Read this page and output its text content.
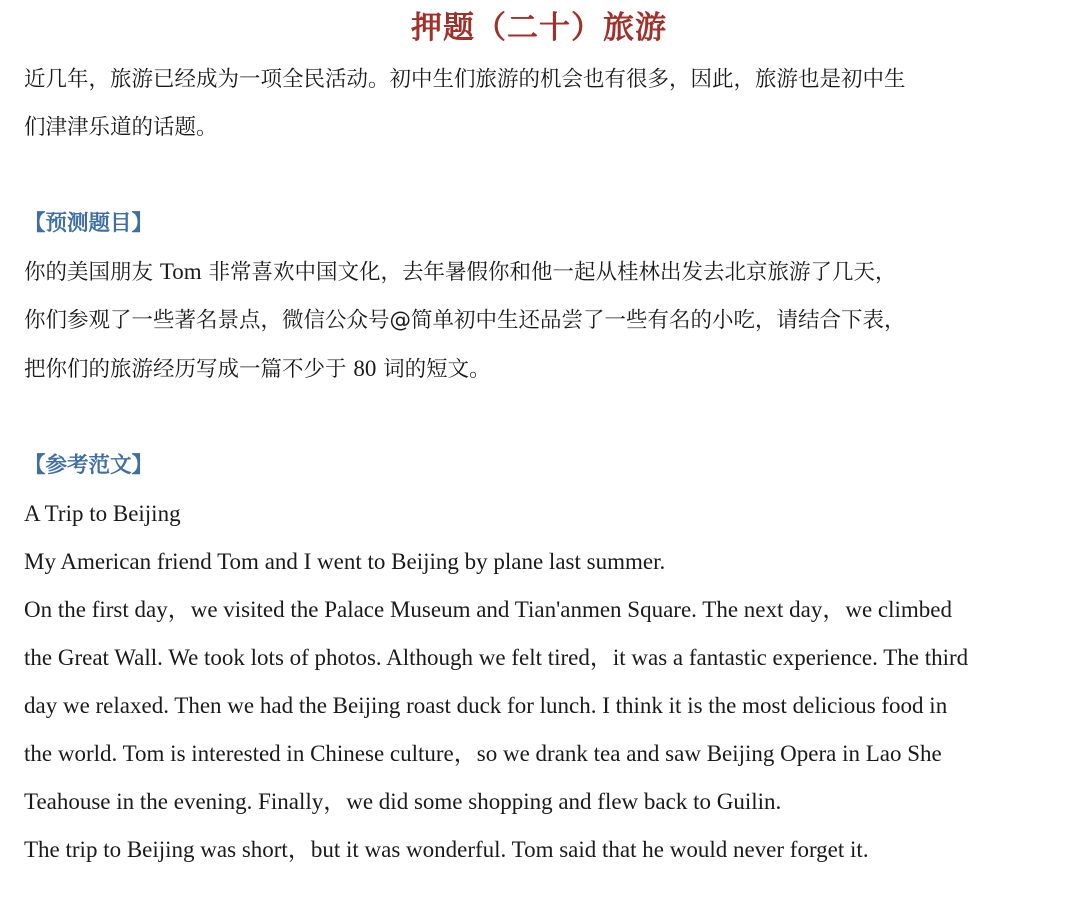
押题（二十）旅游

近几年，旅游已经成为一项全民活动。初中生们旅游的机会也有很多，因此，旅游也是初中生

们津津乐道的话题。

【预测题目】

你的美国朋友 Tom 非常喜欢中国文化，去年暑假你和他一起从桂林出发去北京旅游了几天，

你们参观了一些著名景点，微信公众号@简单初中生还品尝了一些有名的小吃，请结合下表，

把你们的旅游经历写成一篇不少于 80 词的短文。

【参考范文】

A Trip to Beijing

My American friend Tom and I went to Beijing by plane last summer.

On the first day，we visited the Palace Museum and Tian'anmen Square. The next day，we climbed

the Great Wall. We took lots of photos. Although we felt tired，it was a fantastic experience. The third

day we relaxed. Then we had the Beijing roast duck for lunch. I think it is the most delicious food in

the world. Tom is interested in Chinese culture，so we drank tea and saw Beijing Opera in Lao She

Teahouse in the evening. Finally，we did some shopping and flew back to Guilin.

The trip to Beijing was short，but it was wonderful. Tom said that he would never forget it.
